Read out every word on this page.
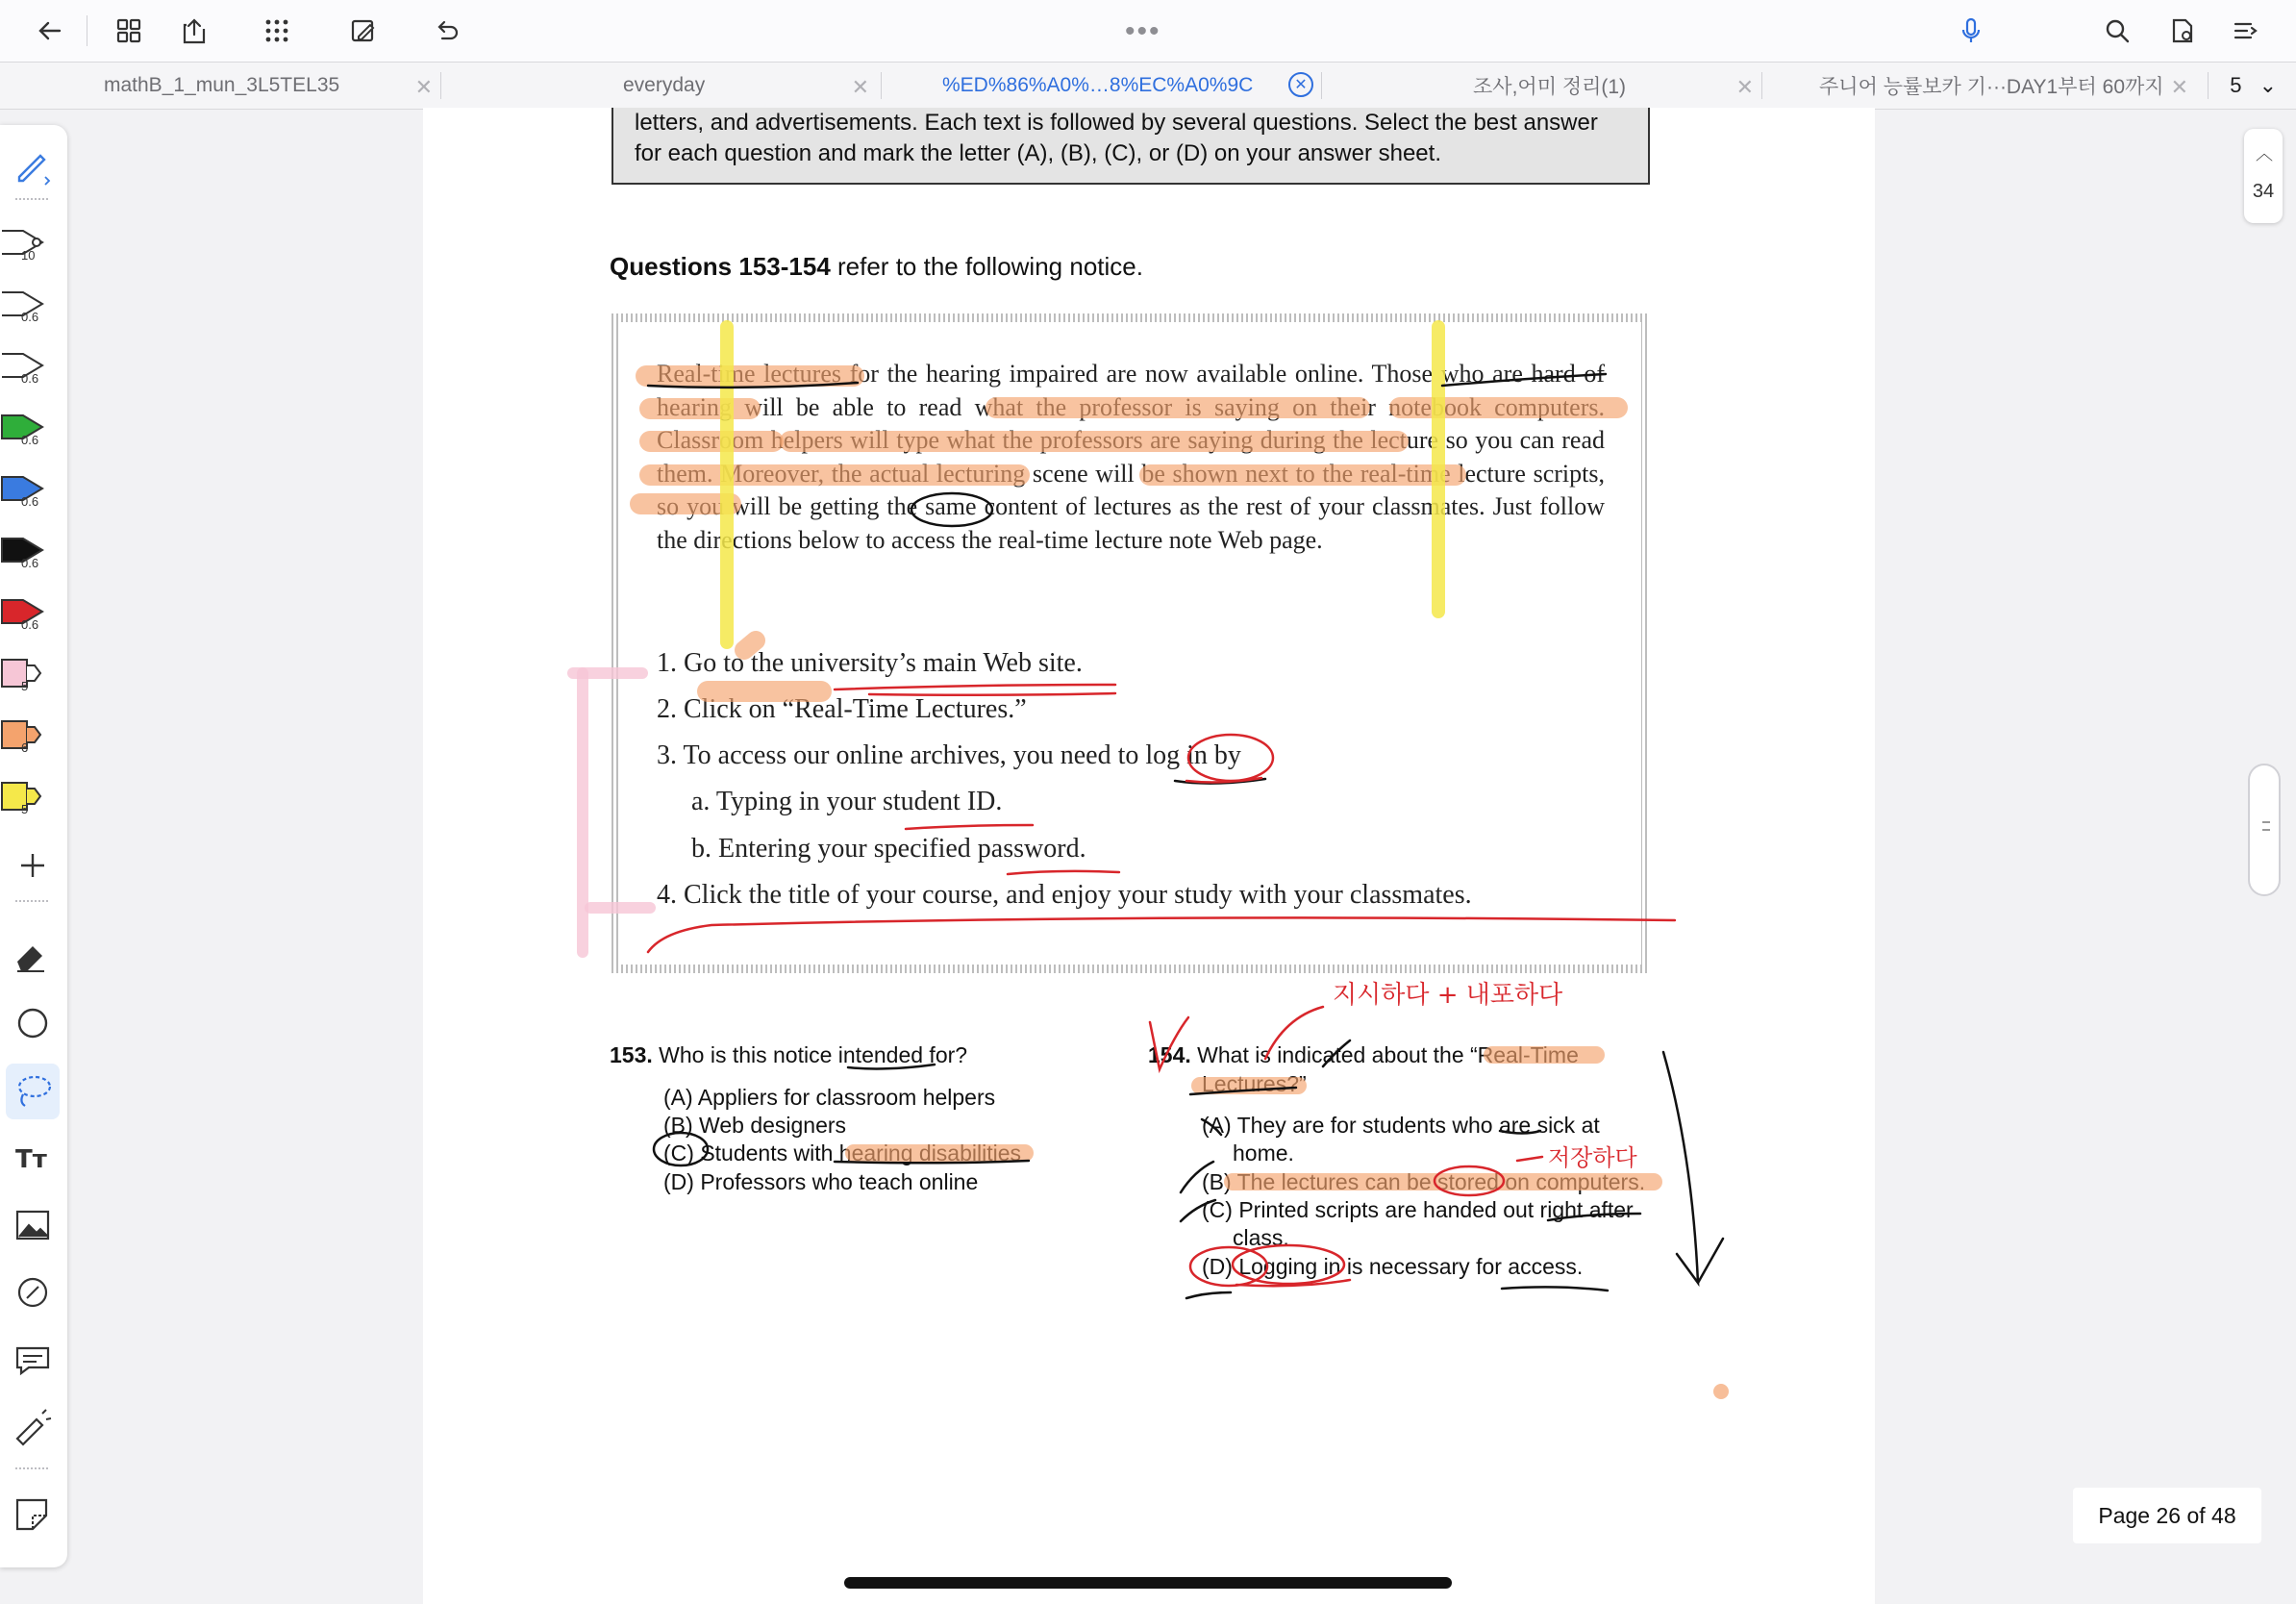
•••
mathB_1_mun_3L5TEL35	✕	everyday	✕	%ED%86%A0%…8%EC%A0%9C	✕	조사,어미 정리(1)	✕	주니어 능률보카 기···DAY1부터 60까지 ✕ 5 ⌄
letters, and advertisements. Each text is followed by several questions. Select the best answer
for each question and mark the letter (A), (B), (C), or (D) on your answer sheet.
Questions 153-154 refer to the following notice.
Real-time lectures for the hearing impaired are now available online. Those who are hard of hearing will be able to read what the professor is saying on their notebook computers. Classroom helpers will type what the professors are saying during the lecture so you can read them. Moreover, the actual lecturing scene will be shown next to the real-time lecture scripts, so you will be getting the same content of lectures as the rest of your classmates. Just follow the directions below to access the real-time lecture note Web page.
1. Go to the university’s main Web site.
2. Click on “Real-Time Lectures.”
3. To access our online archives, you need to log in by
a. Typing in your student ID.
b. Entering your specified password.
4. Click the title of your course, and enjoy your study with your classmates.
153. Who is this notice intended for?
(A) Appliers for classroom helpers
(B) Web designers
(C) Students with hearing disabilities
(D) Professors who teach online
154. What is indicated about the “Real-Time
Lectures?”
(A) They are for students who are sick at
home.
(B) The lectures can be stored on computers.
(C) Printed scripts are handed out right after
class.
(D) Logging in is necessary for access.
지시하다 + 내포하다
저장하다
10
0.6
0.6
0.6
0.6
0.6
0.6
5
6
5
Tт
︿
34
Page 26 of 48
